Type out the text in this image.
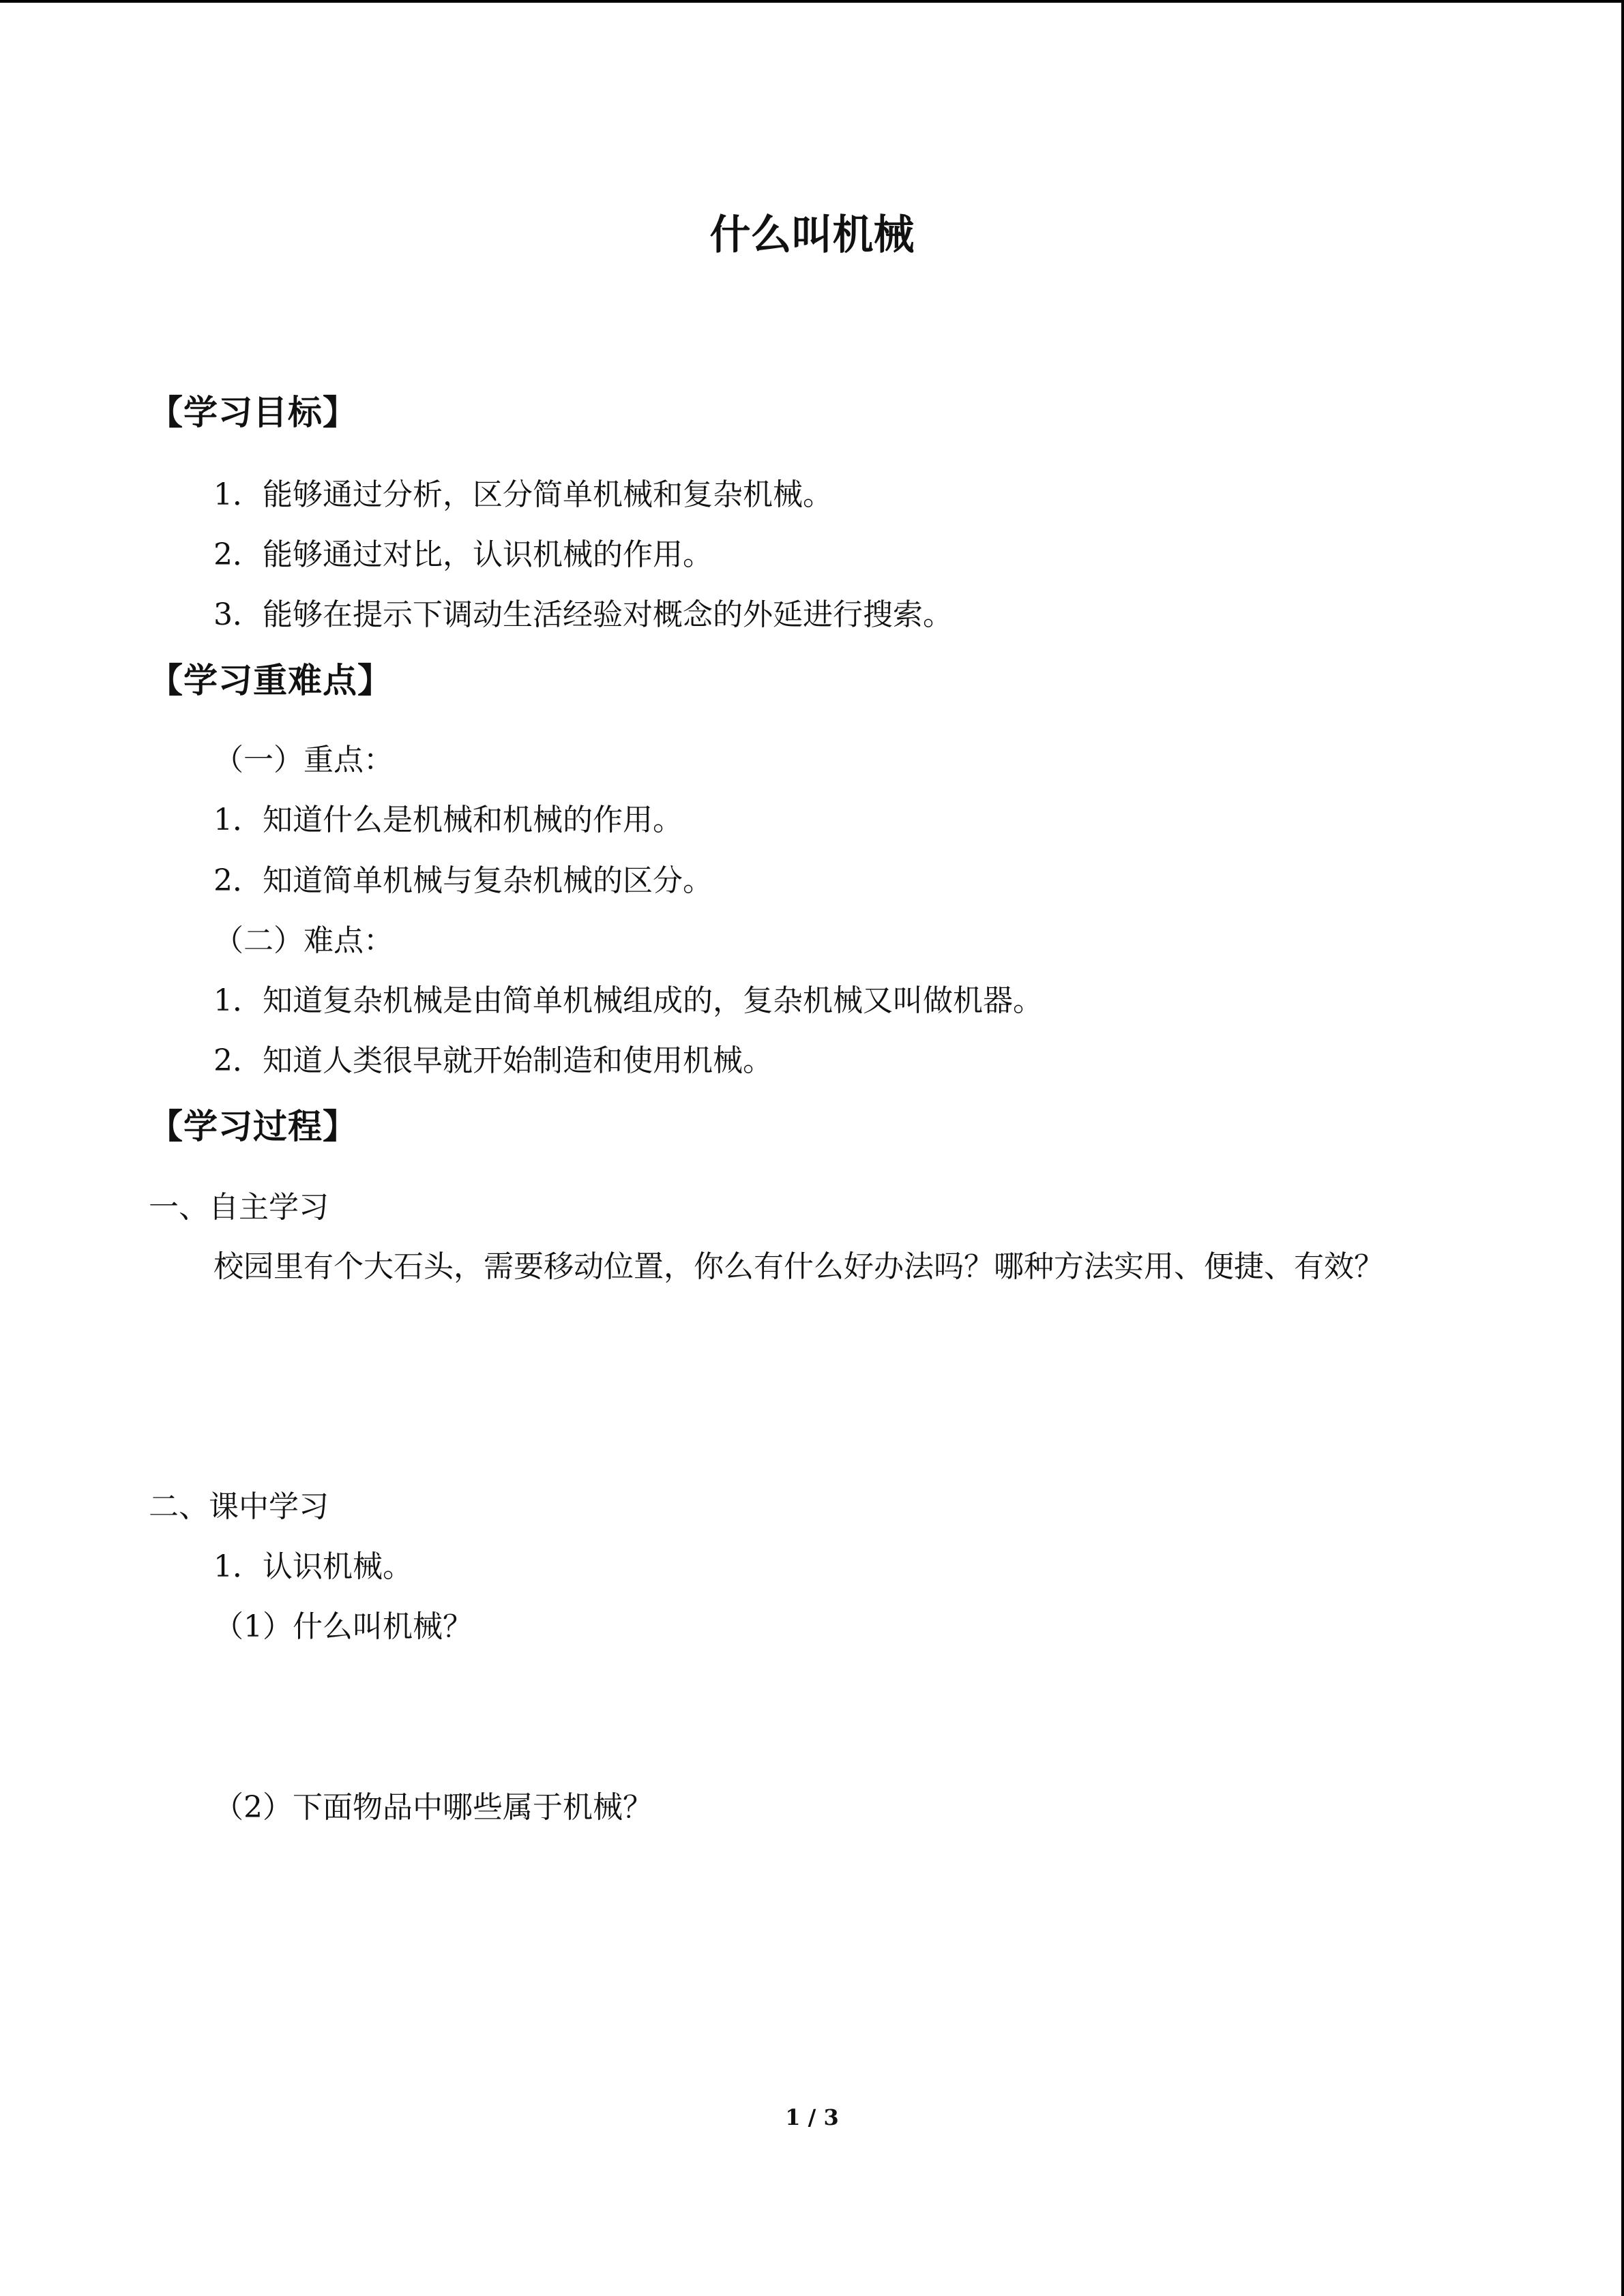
什么叫机械
【学习目标】
1．能够通过分析，区分简单机械和复杂机械。
2．能够通过对比，认识机械的作用。
3．能够在提示下调动生活经验对概念的外延进行搜索。
【学习重难点】
（一）重点：
1．知道什么是机械和机械的作用。
2．知道简单机械与复杂机械的区分。
（二）难点：
1．知道复杂机械是由简单机械组成的，复杂机械又叫做机器。
2．知道人类很早就开始制造和使用机械。
【学习过程】
一、自主学习
校园里有个大石头，需要移动位置，你么有什么好办法吗？哪种方法实用、便捷、有效？
二、课中学习
1．认识机械。
（1）什么叫机械？
（2）下面物品中哪些属于机械？
1 / 3
